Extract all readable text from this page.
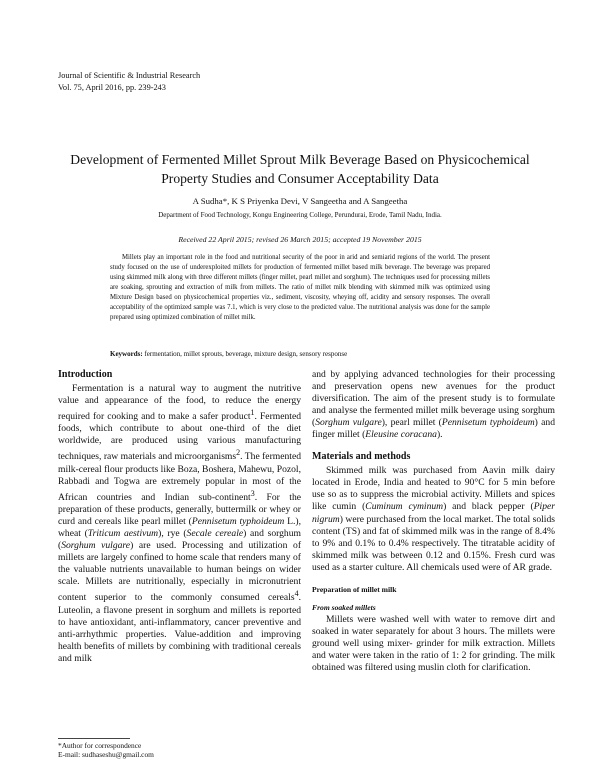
Journal of Scientific & Industrial Research
Vol. 75, April 2016, pp. 239-243
Development of Fermented Millet Sprout Milk Beverage Based on Physicochemical Property Studies and Consumer Acceptability Data
A Sudha*, K S Priyenka Devi, V Sangeetha and A Sangeetha
Department of Food Technology, Kongu Engineering College, Perundurai, Erode, Tamil Nadu, India.
Received 22 April 2015; revised 26 March 2015; accepted 19 November 2015
Millets play an important role in the food and nutritional security of the poor in arid and semiarid regions of the world. The present study focused on the use of underexploited millets for production of fermented millet based milk beverage. The beverage was prepared using skimmed milk along with three different millets (finger millet, pearl millet and sorghum). The techniques used for processing millets are soaking, sprouting and extraction of milk from millets. The ratio of millet milk blending with skimmed milk was optimized using Mixture Design based on physicochemical properties viz., sediment, viscosity, wheying off, acidity and sensory responses. The overall acceptability of the optimized sample was 7.1, which is very close to the predicted value. The nutritional analysis was done for the sample prepared using optimized combination of millet milk.
Keywords: fermentation, millet sprouts, beverage, mixture design, sensory response
Introduction

Fermentation is a natural way to augment the nutritive value and appearance of the food, to reduce the energy required for cooking and to make a safer product$^1$. Fermented foods, which contribute to about one-third of the diet worldwide, are produced using various manufacturing techniques, raw materials and microorganisms$^2$. The fermented milk-cereal flour products like Boza, Boshera, Mahewu, Pozol, Rabbadi and Togwa are extremely popular in most of the African countries and Indian sub-continent$^3$. For the preparation of these products, generally, buttermilk or whey or curd and cereals like pearl millet (Pennisetum typhoideum L.), wheat (Triticum aestivum), rye (Secale cereale) and sorghum (Sorghum vulgare) are used. Processing and utilization of millets are largely confined to home scale that renders many of the valuable nutrients unavailable to human beings on wider scale. Millets are nutritionally, especially in micronutrient content superior to the commonly consumed cereals$^4$. Luteolin, a flavone present in sorghum and millets is reported to have antioxidant, anti-inflammatory, cancer preventive and anti-arrhythmic properties. Value-addition and improving health benefits of millets by combining with traditional cereals and milk

and by applying advanced technologies for their processing and preservation opens new avenues for the product diversification. The aim of the present study is to formulate and analyse the fermented millet milk beverage using sorghum (Sorghum vulgare), pearl millet (Pennisetum typhoideum) and finger millet (Eleusine coracana).

Materials and methods

Skimmed milk was purchased from Aavin milk dairy located in Erode, India and heated to 90°C for 5 min before use so as to suppress the microbial activity. Millets and spices like cumin (Cuminum cyminum) and black pepper (Piper nigrum) were purchased from the local market. The total solids content (TS) and fat of skimmed milk was in the range of 8.4% to 9% and 0.1% to 0.4% respectively. The titratable acidity of skimmed milk was between 0.12 and 0.15%. Fresh curd was used as a starter culture. All chemicals used were of AR grade.

Preparation of millet milk
From soaked millets

Millets were washed well with water to remove dirt and soaked in water separately for about 3 hours. The millets were ground well using mixer- grinder for milk extraction. Millets and water were taken in the ratio of 1: 2 for grinding. The milk obtained was filtered using muslin cloth for clarification.

*Author for correspondence
E-mail: sudhaseshu@gmail.com
